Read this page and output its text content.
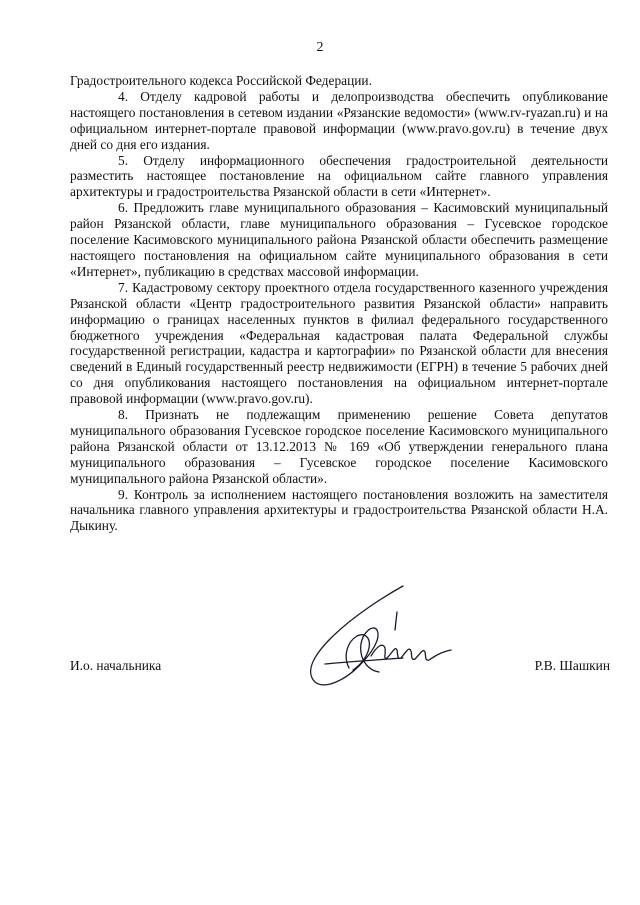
2

Градостроительного кодекса Российской Федерации.

4. Отделу кадровой работы и делопроизводства обеспечить опубликование настоящего постановления в сетевом издании «Рязанские ведомости» (www.rv-ryazan.ru) и на официальном интернет-портале правовой информации (www.pravo.gov.ru) в течение двух дней со дня его издания.

5. Отделу информационного обеспечения градостроительной деятельности разместить настоящее постановление на официальном сайте главного управления архитектуры и градостроительства Рязанской области в сети «Интернет».

6. Предложить главе муниципального образования – Касимовский муниципальный район Рязанской области, главе муниципального образования – Гусевское городское поселение Касимовского муниципального района Рязанской области обеспечить размещение настоящего постановления на официальном сайте муниципального образования в сети «Интернет», публикацию в средствах массовой информации.

7. Кадастровому сектору проектного отдела государственного казенного учреждения Рязанской области «Центр градостроительного развития Рязанской области» направить информацию о границах населенных пунктов в филиал федерального государственного бюджетного учреждения «Федеральная кадастровая палата Федеральной службы государственной регистрации, кадастра и картографии» по Рязанской области для внесения сведений в Единый государственный реестр недвижимости (ЕГРН) в течение 5 рабочих дней со дня опубликования настоящего постановления на официальном интернет-портале правовой информации (www.pravo.gov.ru).

8. Признать не подлежащим применению решение Совета депутатов муниципального образования Гусевское городское поселение Касимовского муниципального района Рязанской области от 13.12.2013 № 169 «Об утверждении генерального плана муниципального образования – Гусевское городское поселение Касимовского муниципального района Рязанской области».

9. Контроль за исполнением настоящего постановления возложить на заместителя начальника главного управления архитектуры и градостроительства Рязанской области Н.А. Дыкину.

И.о. начальника	Р.В. Шашкин
